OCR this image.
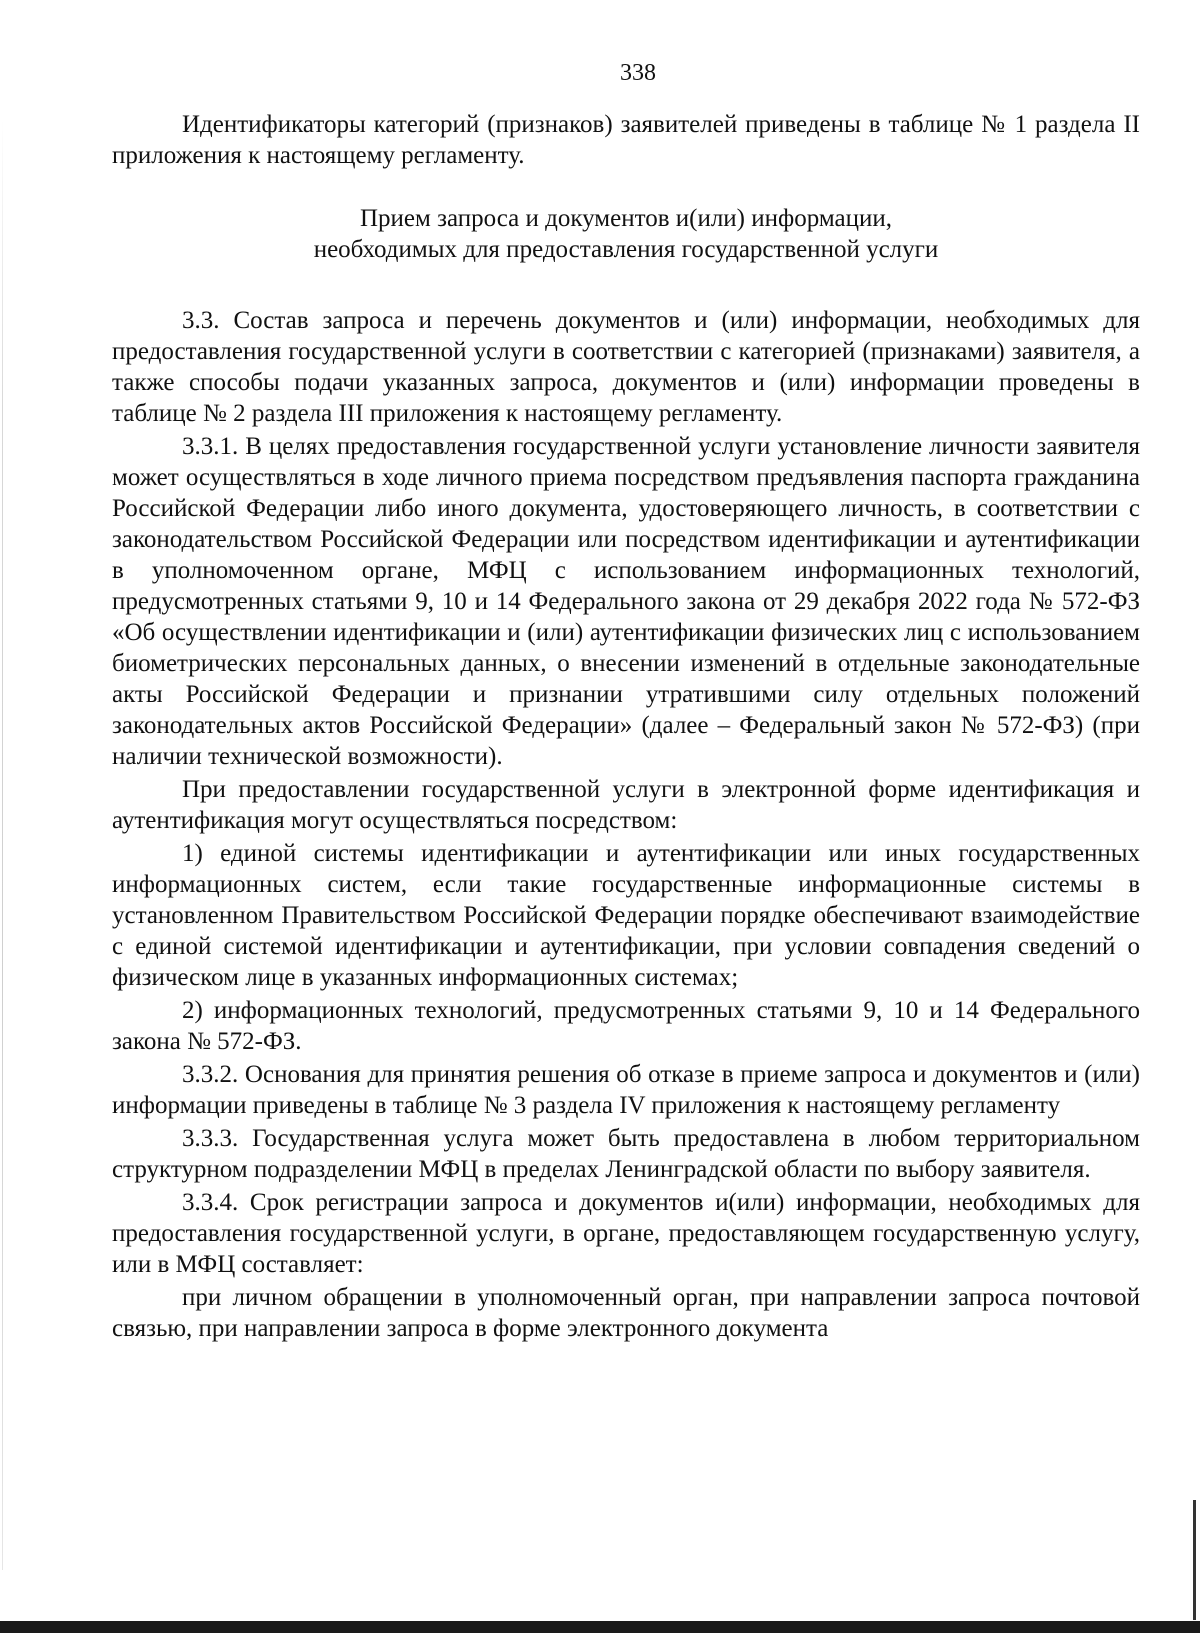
338

Идентификаторы категорий (признаков) заявителей приведены в таблице № 1 раздела II приложения к настоящему регламенту.

Прием запроса и документов и(или) информации,
необходимых для предоставления государственной услуги

3.3. Состав запроса и перечень документов и (или) информации, необходимых для предоставления государственной услуги в соответствии с категорией (признаками) заявителя, а также способы подачи указанных запроса, документов и (или) информации проведены в таблице № 2 раздела III приложения к настоящему регламенту.

3.3.1. В целях предоставления государственной услуги установление личности заявителя может осуществляться в ходе личного приема посредством предъявления паспорта гражданина Российской Федерации либо иного документа, удостоверяющего личность, в соответствии с законодательством Российской Федерации или посредством идентификации и аутентификации в уполномоченном органе, МФЦ с использованием информационных технологий, предусмотренных статьями 9, 10 и 14 Федерального закона от 29 декабря 2022 года № 572-ФЗ «Об осуществлении идентификации и (или) аутентификации физических лиц с использованием биометрических персональных данных, о внесении изменений в отдельные законодательные акты Российской Федерации и признании утратившими силу отдельных положений законодательных актов Российской Федерации» (далее – Федеральный закон № 572-ФЗ) (при наличии технической возможности).

При предоставлении государственной услуги в электронной форме идентификация и аутентификация могут осуществляться посредством:

1) единой системы идентификации и аутентификации или иных государственных информационных систем, если такие государственные информационные системы в установленном Правительством Российской Федерации порядке обеспечивают взаимодействие с единой системой идентификации и аутентификации, при условии совпадения сведений о физическом лице в указанных информационных системах;

2) информационных технологий, предусмотренных статьями 9, 10 и 14 Федерального закона № 572-ФЗ.

3.3.2. Основания для принятия решения об отказе в приеме запроса и документов и (или) информации приведены в таблице № 3 раздела IV приложения к настоящему регламенту

3.3.3. Государственная услуга может быть предоставлена в любом территориальном структурном подразделении МФЦ в пределах Ленинградской области по выбору заявителя.

3.3.4. Срок регистрации запроса и документов и(или) информации, необходимых для предоставления государственной услуги, в органе, предоставляющем государственную услугу, или в МФЦ составляет:

при личном обращении в уполномоченный орган, при направлении запроса почтовой связью, при направлении запроса в форме электронного документа
